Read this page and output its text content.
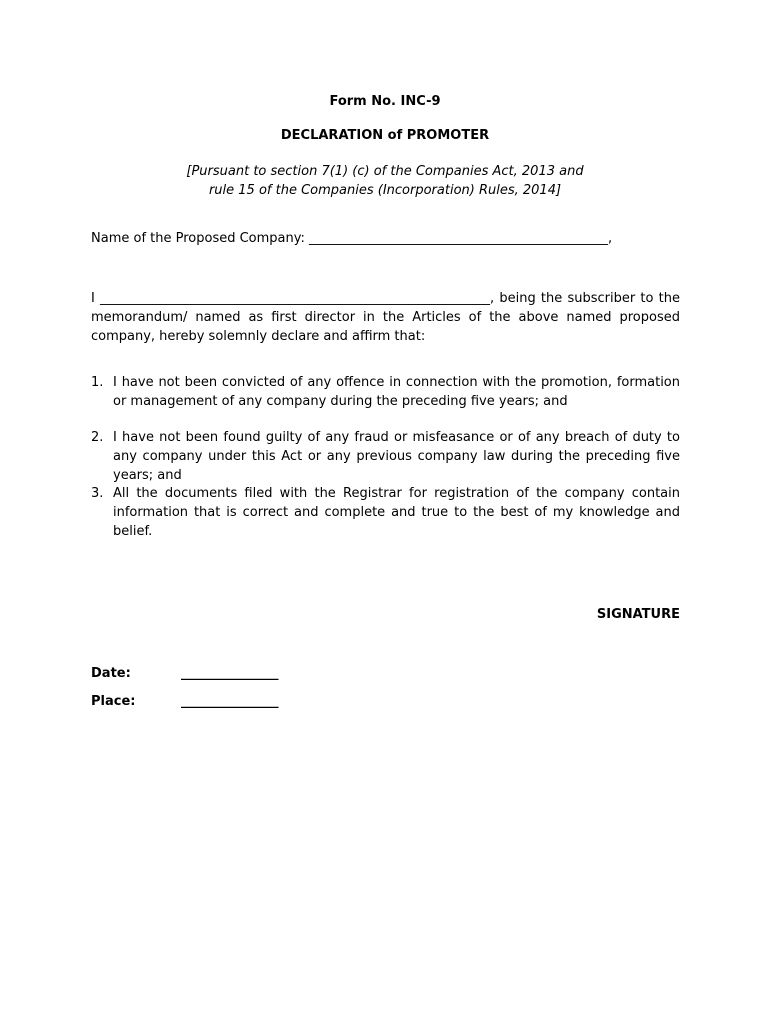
Form No. INC-9
DECLARATION of PROMOTER
[Pursuant to section 7(1) (c) of the Companies Act, 2013 and
rule 15 of the Companies (Incorporation) Rules, 2014]
Name of the Proposed Company: ______________________________________________,
I ____________________________________________________________, being the subscriber to the memorandum/ named as first director in the Articles of the above named proposed company, hereby solemnly declare and affirm that:
1. I have not been convicted of any offence in connection with the promotion, formation or management of any company during the preceding five years; and
2. I have not been found guilty of any fraud or misfeasance or of any breach of duty to any company under this Act or any previous company law during the preceding five years; and
3. All the documents filed with the Registrar for registration of the company contain information that is correct and complete and true to the best of my knowledge and belief.
SIGNATURE
Date:	_______________
Place:	_______________
